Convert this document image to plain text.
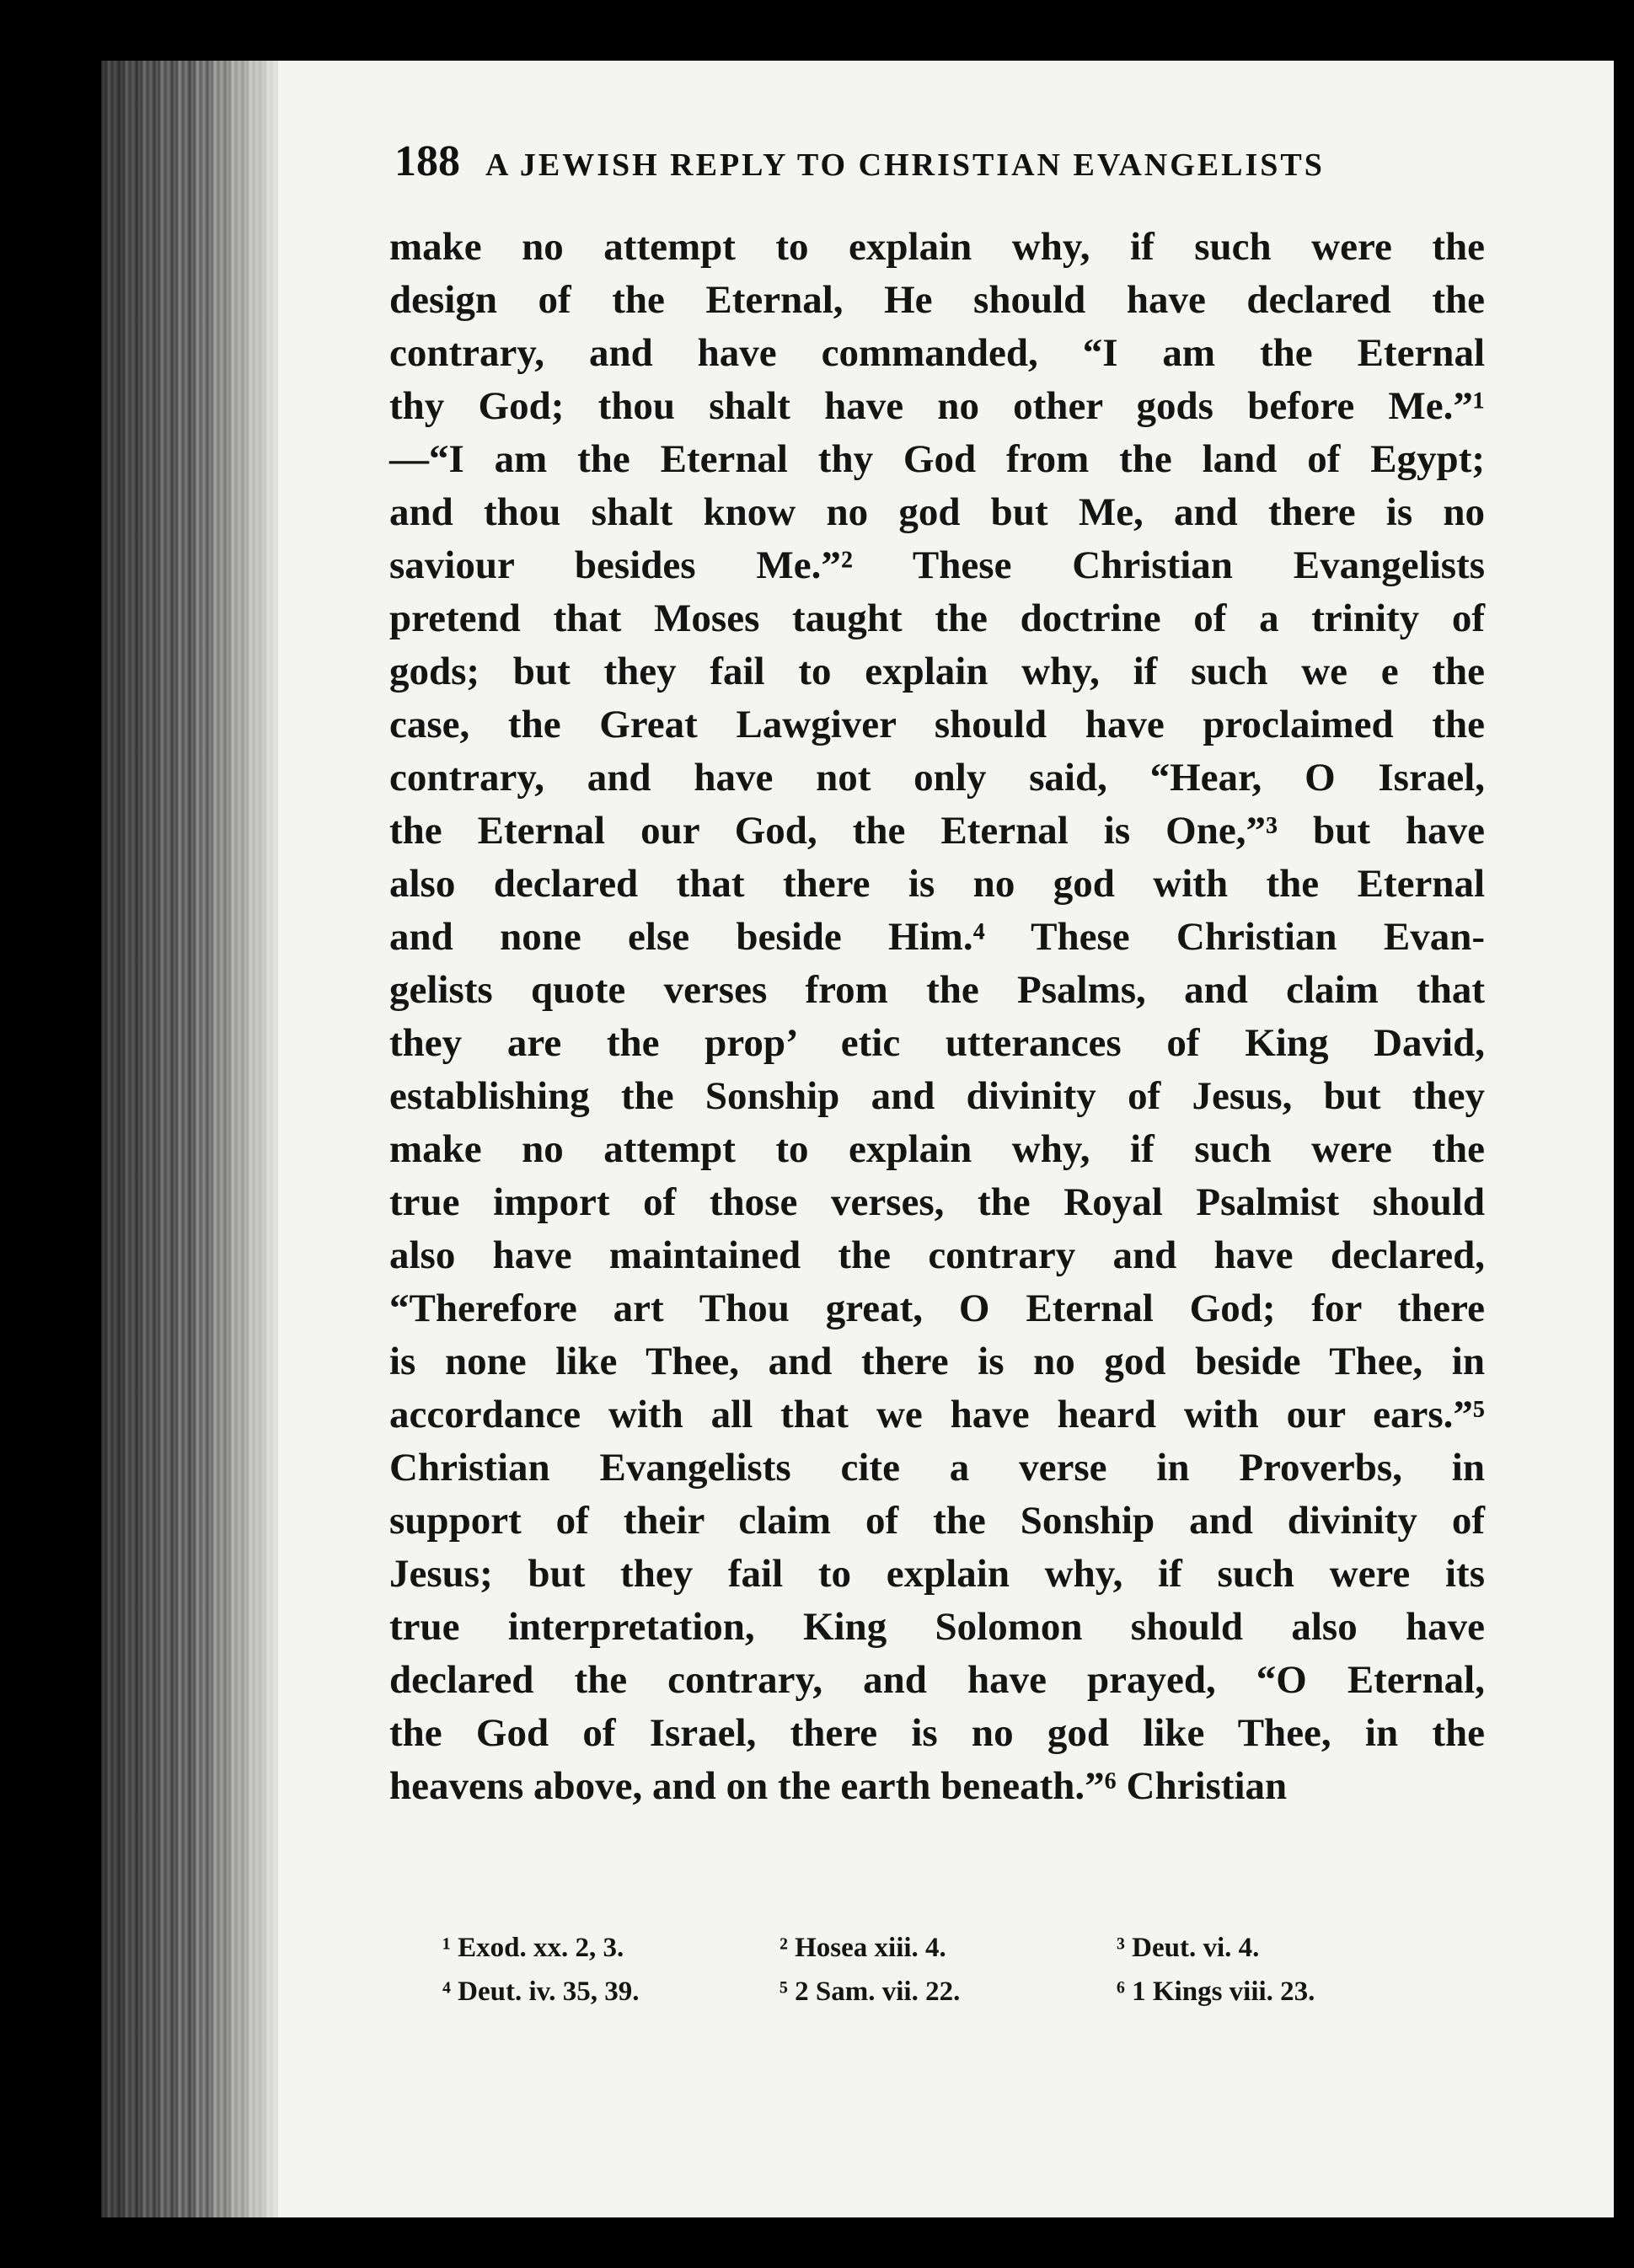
188 A JEWISH REPLY TO CHRISTIAN EVANGELISTS
make no attempt to explain why, if such were the
design of the Eternal, He should have declared the
contrary, and have commanded, “I am the Eternal
thy God; thou shalt have no other gods before Me.”¹
—“I am the Eternal thy God from the land of Egypt;
and thou shalt know no god but Me, and there is no
saviour besides Me.”² These Christian Evangelists
pretend that Moses taught the doctrine of a trinity of
gods; but they fail to explain why, if such we e the
case, the Great Lawgiver should have proclaimed the
contrary, and have not only said, “Hear, O Israel,
the Eternal our God, the Eternal is One,”³ but have
also declared that there is no god with the Eternal
and none else beside Him.⁴ These Christian Evan-
gelists quote verses from the Psalms, and claim that
they are the prop’ etic utterances of King David,
establishing the Sonship and divinity of Jesus, but they
make no attempt to explain why, if such were the
true import of those verses, the Royal Psalmist should
also have maintained the contrary and have declared,
“Therefore art Thou great, O Eternal God; for there
is none like Thee, and there is no god beside Thee, in
accordance with all that we have heard with our ears.”⁵
Christian Evangelists cite a verse in Proverbs, in
support of their claim of the Sonship and divinity of
Jesus; but they fail to explain why, if such were its
true interpretation, King Solomon should also have
declared the contrary, and have prayed, “O Eternal,
the God of Israel, there is no god like Thee, in the
heavens above, and on the earth beneath.”⁶ Christian
¹ Exod. xx. 2, 3.	² Hosea xiii. 4.	³ Deut. vi. 4.
⁴ Deut. iv. 35, 39.	⁵ 2 Sam. vii. 22.	⁶ 1 Kings viii. 23.
